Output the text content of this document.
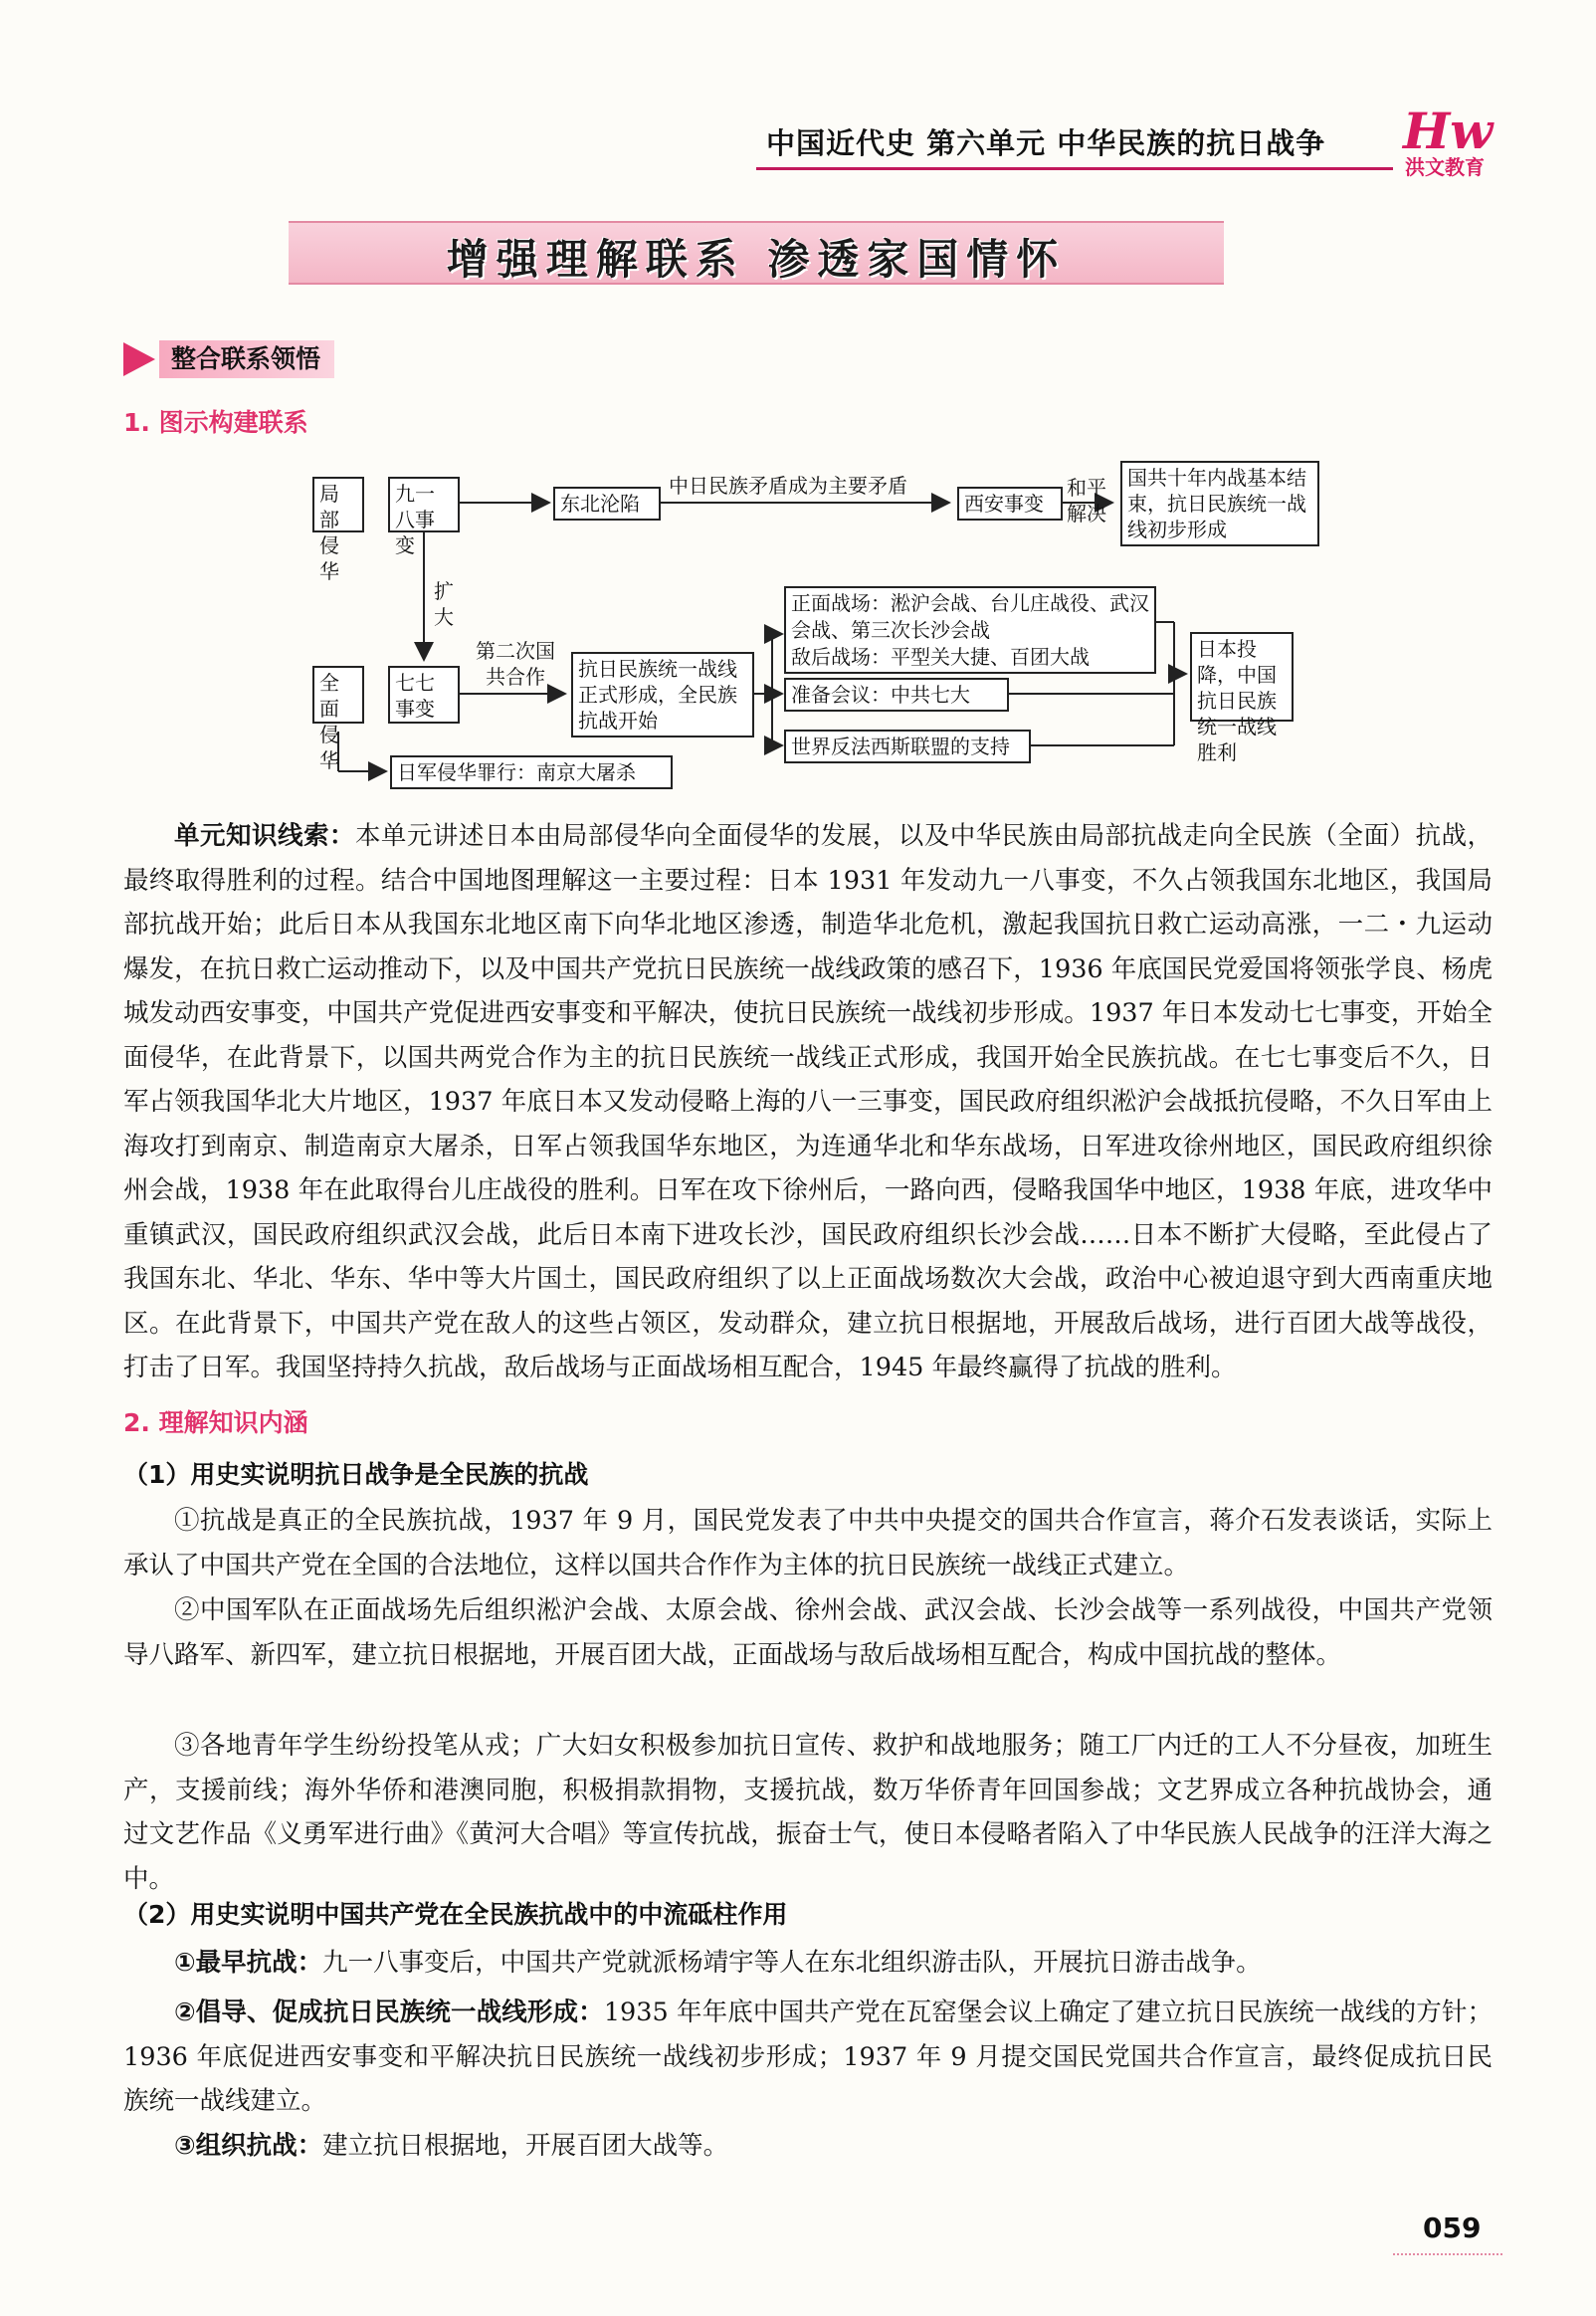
中国近代史 第六单元 中华民族的抗日战争 Hw
洪文教育
增强理解联系 渗透家国情怀
整合联系领悟
1. 图示构建联系
局部侵华
九一八事变
东北沦陷
中日民族矛盾成为主要矛盾
西安事变
和平解决
国共十年内战基本结束，抗日民族统一战线初步形成
扩大
全面侵华
七七事变
第二次国共合作	抗日民族统一战线正式形成，全民族抗战开始
正面战场：淞沪会战、台儿庄战役、武汉会战、第三次长沙会战
敌后战场：平型关大捷、百团大战
准备会议：中共七大
世界反法西斯联盟的支持
日本投降，中国抗日民族统一战线胜利
日军侵华罪行：南京大屠杀
单元知识线索：本单元讲述日本由局部侵华向全面侵华的发展，以及中华民族由局部抗战走向全民族（全面）抗战，最终取得胜利的过程。结合中国地图理解这一主要过程：日本 1931 年发动九一八事变，不久占领我国东北地区，我国局部抗战开始；此后日本从我国东北地区南下向华北地区渗透，制造华北危机，激起我国抗日救亡运动高涨，一二・九运动爆发，在抗日救亡运动推动下，以及中国共产党抗日民族统一战线政策的感召下，1936 年底国民党爱国将领张学良、杨虎城发动西安事变，中国共产党促进西安事变和平解决，使抗日民族统一战线初步形成。1937 年日本发动七七事变，开始全面侵华，在此背景下，以国共两党合作为主的抗日民族统一战线正式形成，我国开始全民族抗战。在七七事变后不久，日军占领我国华北大片地区，1937 年底日本又发动侵略上海的八一三事变，国民政府组织淞沪会战抵抗侵略，不久日军由上海攻打到南京、制造南京大屠杀，日军占领我国华东地区，为连通华北和华东战场，日军进攻徐州地区，国民政府组织徐州会战，1938 年在此取得台儿庄战役的胜利。日军在攻下徐州后，一路向西，侵略我国华中地区，1938 年底，进攻华中重镇武汉，国民政府组织武汉会战，此后日本南下进攻长沙，国民政府组织长沙会战……日本不断扩大侵略，至此侵占了我国东北、华北、华东、华中等大片国土，国民政府组织了以上正面战场数次大会战，政治中心被迫退守到大西南重庆地区。在此背景下，中国共产党在敌人的这些占领区，发动群众，建立抗日根据地，开展敌后战场，进行百团大战等战役，打击了日军。我国坚持持久抗战，敌后战场与正面战场相互配合，1945 年最终赢得了抗战的胜利。
2. 理解知识内涵
（1）用史实说明抗日战争是全民族的抗战
①抗战是真正的全民族抗战，1937 年 9 月，国民党发表了中共中央提交的国共合作宣言，蒋介石发表谈话，实际上承认了中国共产党在全国的合法地位，这样以国共合作作为主体的抗日民族统一战线正式建立。
②中国军队在正面战场先后组织淞沪会战、太原会战、徐州会战、武汉会战、长沙会战等一系列战役，中国共产党领导八路军、新四军，建立抗日根据地，开展百团大战，正面战场与敌后战场相互配合，构成中国抗战的整体。
③各地青年学生纷纷投笔从戎；广大妇女积极参加抗日宣传、救护和战地服务；随工厂内迁的工人不分昼夜，加班生产，支援前线；海外华侨和港澳同胞，积极捐款捐物，支援抗战，数万华侨青年回国参战；文艺界成立各种抗战协会，通过文艺作品《义勇军进行曲》《黄河大合唱》等宣传抗战，振奋士气，使日本侵略者陷入了中华民族人民战争的汪洋大海之中。
（2）用史实说明中国共产党在全民族抗战中的中流砥柱作用
①最早抗战：九一八事变后，中国共产党就派杨靖宇等人在东北组织游击队，开展抗日游击战争。
②倡导、促成抗日民族统一战线形成：1935 年年底中国共产党在瓦窑堡会议上确定了建立抗日民族统一战线的方针；1936 年底促进西安事变和平解决抗日民族统一战线初步形成；1937 年 9 月提交国民党国共合作宣言，最终促成抗日民族统一战线建立。
③组织抗战：建立抗日根据地，开展百团大战等。
059
